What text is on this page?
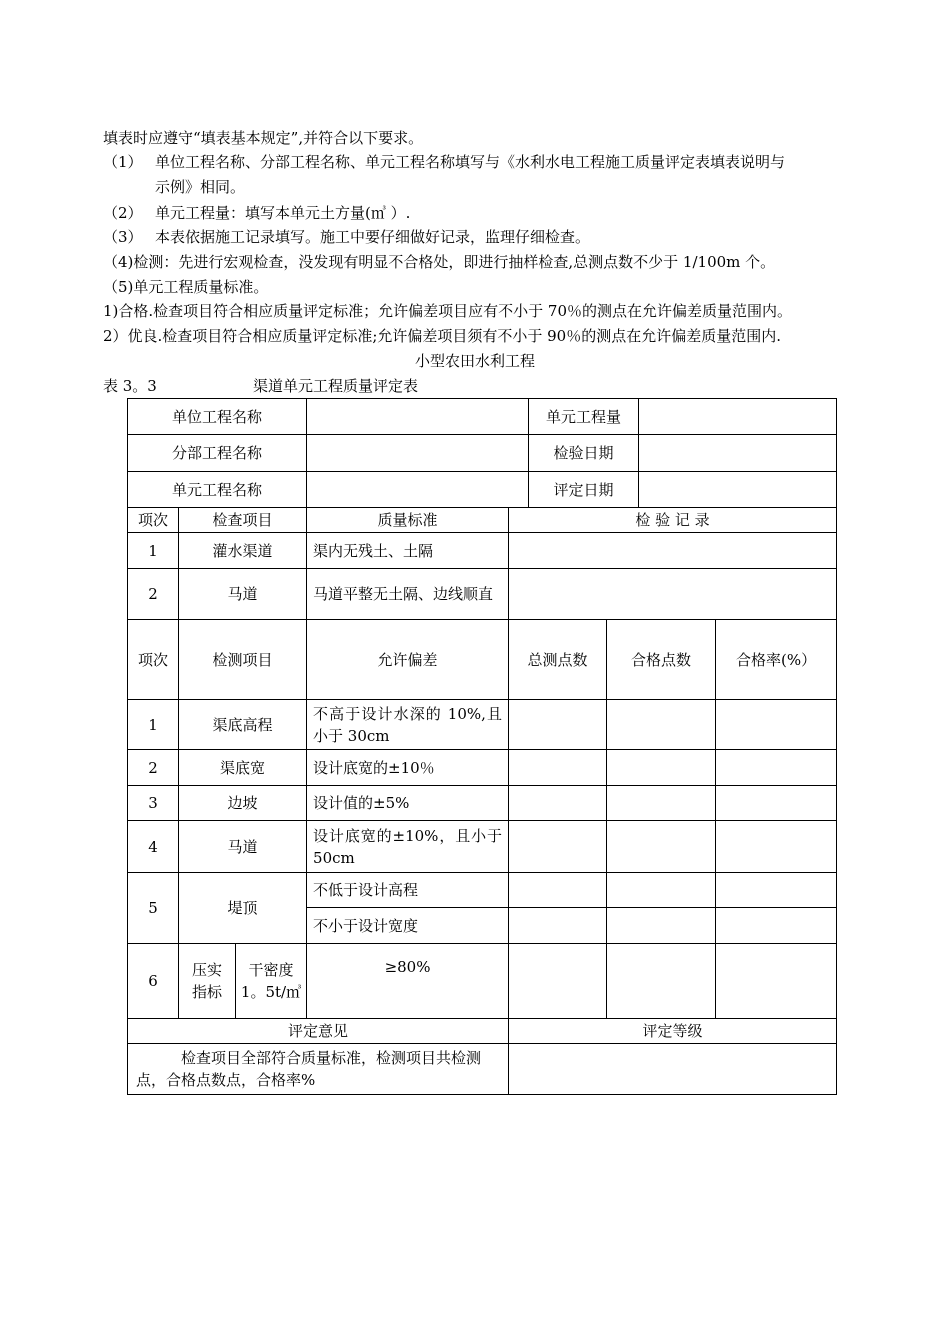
填表时应遵守“填表基本规定”,并符合以下要求。
（1） 单位工程名称、分部工程名称、单元工程名称填写与《水利水电工程施工质量评定表填表说明与
示例》相同。
（2） 单元工程量：填写本单元土方量(㎥ ）.
（3） 本表依据施工记录填写。施工中要仔细做好记录，监理仔细检查。
（4)检测：先进行宏观检查，没发现有明显不合格处，即进行抽样检查,总测点数不少于 1/100m 个。
（5)单元工程质量标准。
1)合格.检查项目符合相应质量评定标准；允许偏差项目应有不小于 70％的测点在允许偏差质量范围内。
2）优良.检查项目符合相应质量评定标准;允许偏差项目须有不小于 90％的测点在允许偏差质量范围内.
小型农田水利工程
表 3。3	渠道单元工程质量评定表
单位工程名称					单元工程量			
分部工程名称					检验日期			
单元工程名称					评定日期			
项次	检查项目		质量标准	检 验 记 录				
1	灌水渠道		渠内无残土、土隔					
2	马道		马道平整无土隔、边线顺直					
项次	检测项目		允许偏差	总测点数		合格点数		合格率(%）
1	渠底高程		不高于设计水深的 10%,且小于 30cm					
2	渠底宽		设计底宽的±10％					
3	边坡		设计值的±5%					
4	马道		设计底宽的±10%，且小于 50cm					
5	堤顶		不低于设计高程					
			不小于设计宽度					
6	压实指标	干密度 1。5t/㎥	≥80%					
评定意见				评定等级				
检查项目全部符合质量标准，检测项目共检测点，合格点数点，合格率%								
